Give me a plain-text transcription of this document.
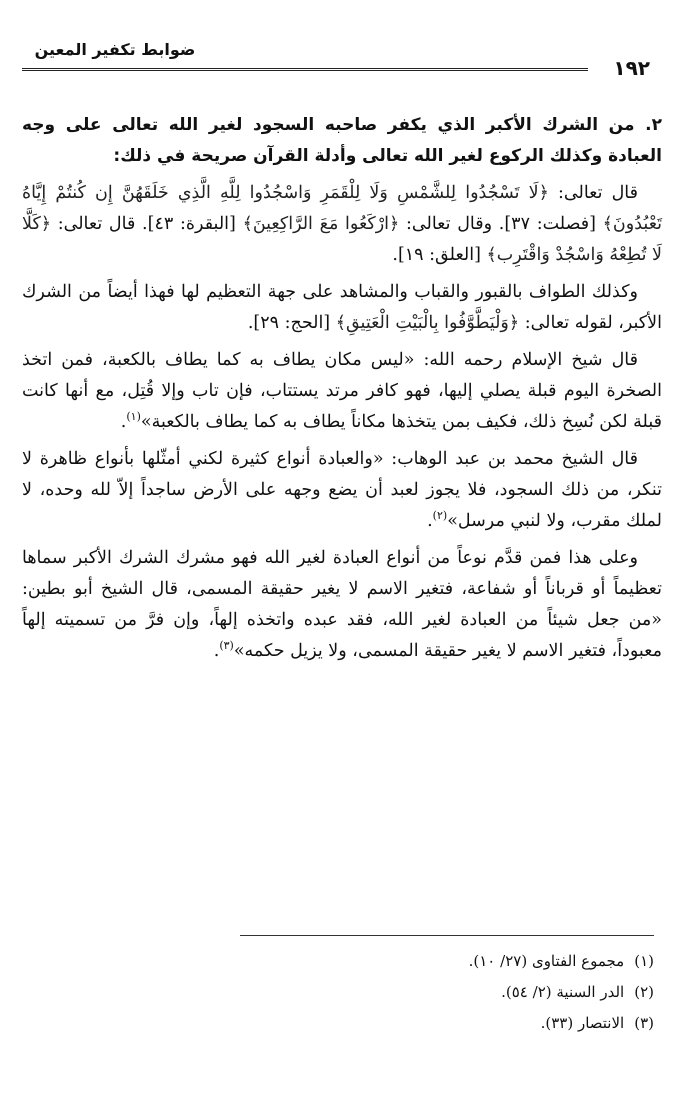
ضوابط تكفير المعين
١٩٢

٢. من الشرك الأكبر الذي يكفر صاحبه السجود لغير الله تعالى على وجه العبادة وكذلك الركوع لغير الله تعالى وأدلة القرآن صريحة في ذلك:

قال تعالى: ﴿لَا تَسْجُدُوا لِلشَّمْسِ وَلَا لِلْقَمَرِ وَاسْجُدُوا لِلَّهِ الَّذِي خَلَقَهُنَّ إِن كُنتُمْ إِيَّاهُ تَعْبُدُونَ﴾ [فصلت: ٣٧]. وقال تعالى: ﴿ارْكَعُوا مَعَ الرَّاكِعِينَ﴾ [البقرة: ٤٣]. قال تعالى: ﴿كَلَّا لَا تُطِعْهُ وَاسْجُدْ وَاقْتَرِب﴾ [العلق: ١٩].

وكذلك الطواف بالقبور والقباب والمشاهد على جهة التعظيم لها فهذا أيضاً من الشرك الأكبر، لقوله تعالى: ﴿وَلْيَطَّوَّفُوا بِالْبَيْتِ الْعَتِيقِ﴾ [الحج: ٢٩].

قال شيخ الإسلام رحمه الله: «ليس مكان يطاف به كما يطاف بالكعبة، فمن اتخذ الصخرة اليوم قبلة يصلي إليها، فهو كافر مرتد يستتاب، فإن تاب وإلا قُتِل، مع أنها كانت قبلة لكن نُسِخ ذلك، فكيف بمن يتخذها مكاناً يطاف به كما يطاف بالكعبة»$^{(١)}$.

قال الشيخ محمد بن عبد الوهاب: «والعبادة أنواع كثيرة لكني أمثّلها بأنواع ظاهرة لا تنكر، من ذلك السجود، فلا يجوز لعبد أن يضع وجهه على الأرض ساجداً إلاّ لله وحده، لا لملك مقرب، ولا لنبي مرسل»$^{(٢)}$.

وعلى هذا فمن قدَّم نوعاً من أنواع العبادة لغير الله فهو مشرك الشرك الأكبر سماها تعظيماً أو قرباناً أو شفاعة، فتغير الاسم لا يغير حقيقة المسمى، قال الشيخ أبو بطين: «من جعل شيئاً من العبادة لغير الله، فقد عبده واتخذه إلهاً، وإن فرَّ من تسميته إلهاً معبوداً، فتغير الاسم لا يغير حقيقة المسمى، ولا يزيل حكمه»$^{(٣)}$.

(١)مجموع الفتاوى (٢٧/ ١٠).
(٢)الدر السنية (٢/ ٥٤).
(٣)الانتصار (٣٣).
